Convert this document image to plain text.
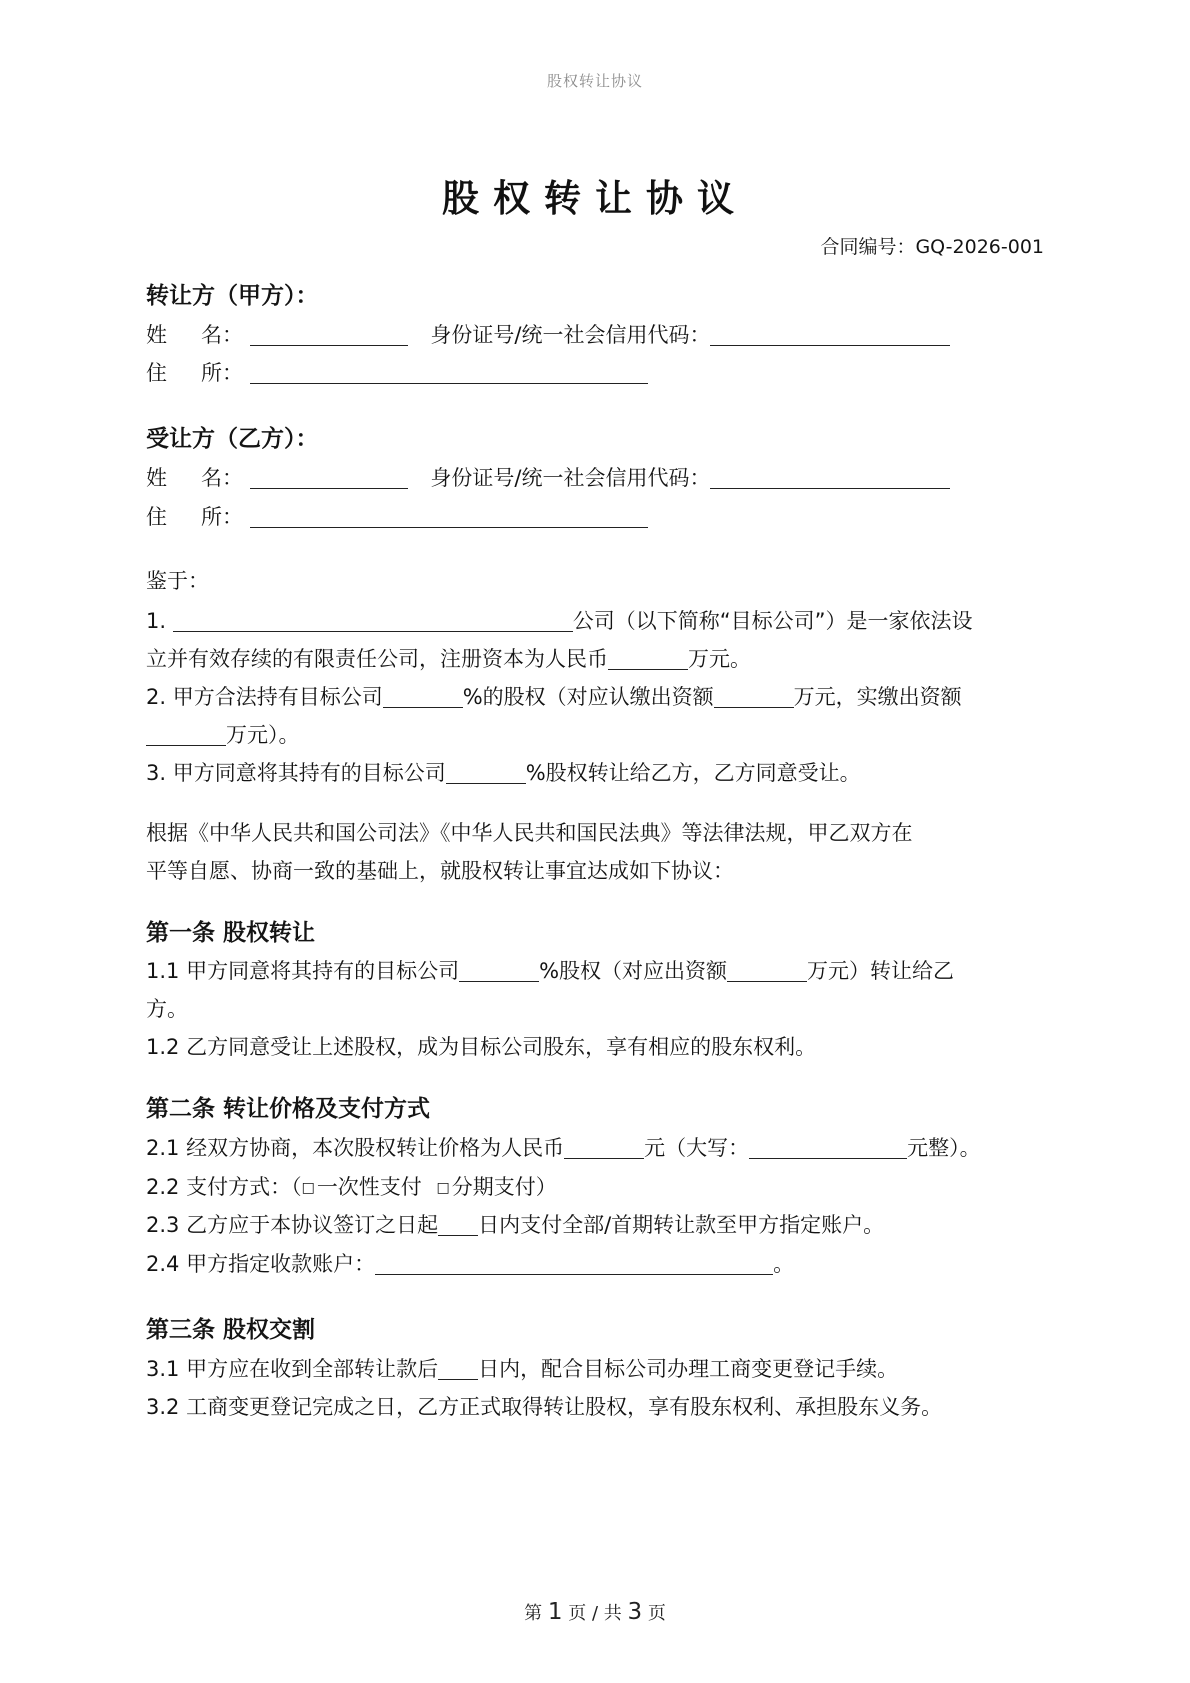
股权转让协议
股权转让协议
合同编号：GQ-2026-001
转让方（甲方）：
姓 名：	身份证号/统一社会信用代码：
住 所：
受让方（乙方）：
姓 名：	身份证号/统一社会信用代码：
住 所：
鉴于：
1.	公司（以下简称“目标公司”）是一家依法设
立并有效存续的有限责任公司，注册资本为人民币	万元。
2. 甲方合法持有目标公司	%的股权（对应认缴出资额	万元，实缴出资额
万元）。
3. 甲方同意将其持有的目标公司	%股权转让给乙方，乙方同意受让。
根据《中华人民共和国公司法》《中华人民共和国民法典》等法律法规，甲乙双方在
平等自愿、协商一致的基础上，就股权转让事宜达成如下协议：
第一条 股权转让
1.1 甲方同意将其持有的目标公司	%股权（对应出资额	万元）转让给乙
方。
1.2 乙方同意受让上述股权，成为目标公司股东，享有相应的股东权利。
第二条 转让价格及支付方式
2.1 经双方协商，本次股权转让价格为人民币	元（大写：	元整）。
2.2 支付方式：（□一次性支付 □分期支付）
2.3 乙方应于本协议签订之日起 日内支付全部/首期转让款至甲方指定账户。
2.4 甲方指定收款账户：	。
第三条 股权交割
3.1 甲方应在收到全部转让款后 日内，配合目标公司办理工商变更登记手续。
3.2 工商变更登记完成之日，乙方正式取得转让股权，享有股东权利、承担股东义务。
第 1 页 / 共 3 页
